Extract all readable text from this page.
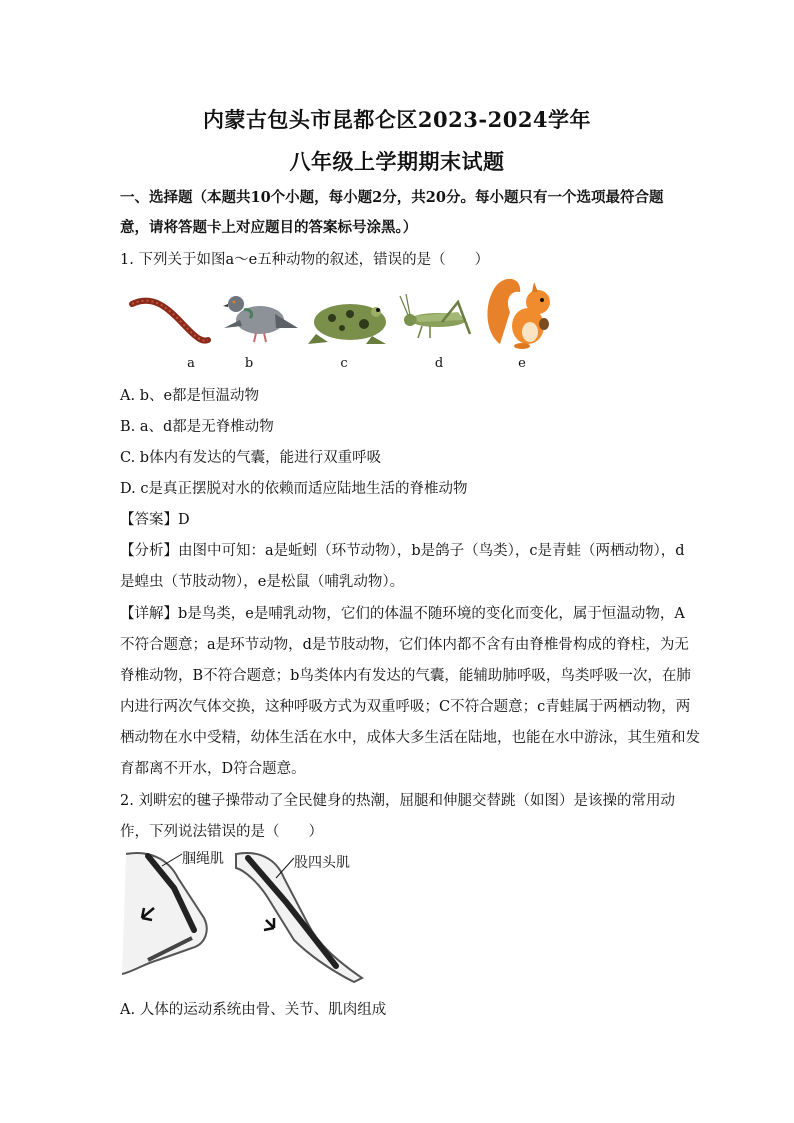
内蒙古包头市昆都仑区2023-2024学年
八年级上学期期末试题
一、选择题（本题共10个小题，每小题2分，共20分。每小题只有一个选项最符合题
意，请将答题卡上对应题目的答案标号涂黑。）
1. 下列关于如图a～e五种动物的叙述，错误的是（　　）
a	b	c	d	e
A. b、e都是恒温动物
B. a、d都是无脊椎动物
C. b体内有发达的气囊，能进行双重呼吸
D. c是真正摆脱对水的依赖而适应陆地生活的脊椎动物
【答案】D
【分析】由图中可知：a是蚯蚓（环节动物），b是鸽子（鸟类），c是青蛙（两栖动物），d
是蝗虫（节肢动物），e是松鼠（哺乳动物）。
【详解】b是鸟类，e是哺乳动物，它们的体温不随环境的变化而变化，属于恒温动物，A
不符合题意；a是环节动物，d是节肢动物，它们体内都不含有由脊椎骨构成的脊柱，为无
脊椎动物，B不符合题意；b鸟类体内有发达的气囊，能辅助肺呼吸，鸟类呼吸一次，在肺
内进行两次气体交换，这种呼吸方式为双重呼吸；C不符合题意；c青蛙属于两栖动物，两
栖动物在水中受精，幼体生活在水中，成体大多生活在陆地，也能在水中游泳，其生殖和发
育都离不开水，D符合题意。
2. 刘畊宏的毽子操带动了全民健身的热潮，屈腿和伸腿交替跳（如图）是该操的常用动
作，下列说法错误的是（　　）
腘绳肌	股四头肌
A. 人体的运动系统由骨、关节、肌肉组成
